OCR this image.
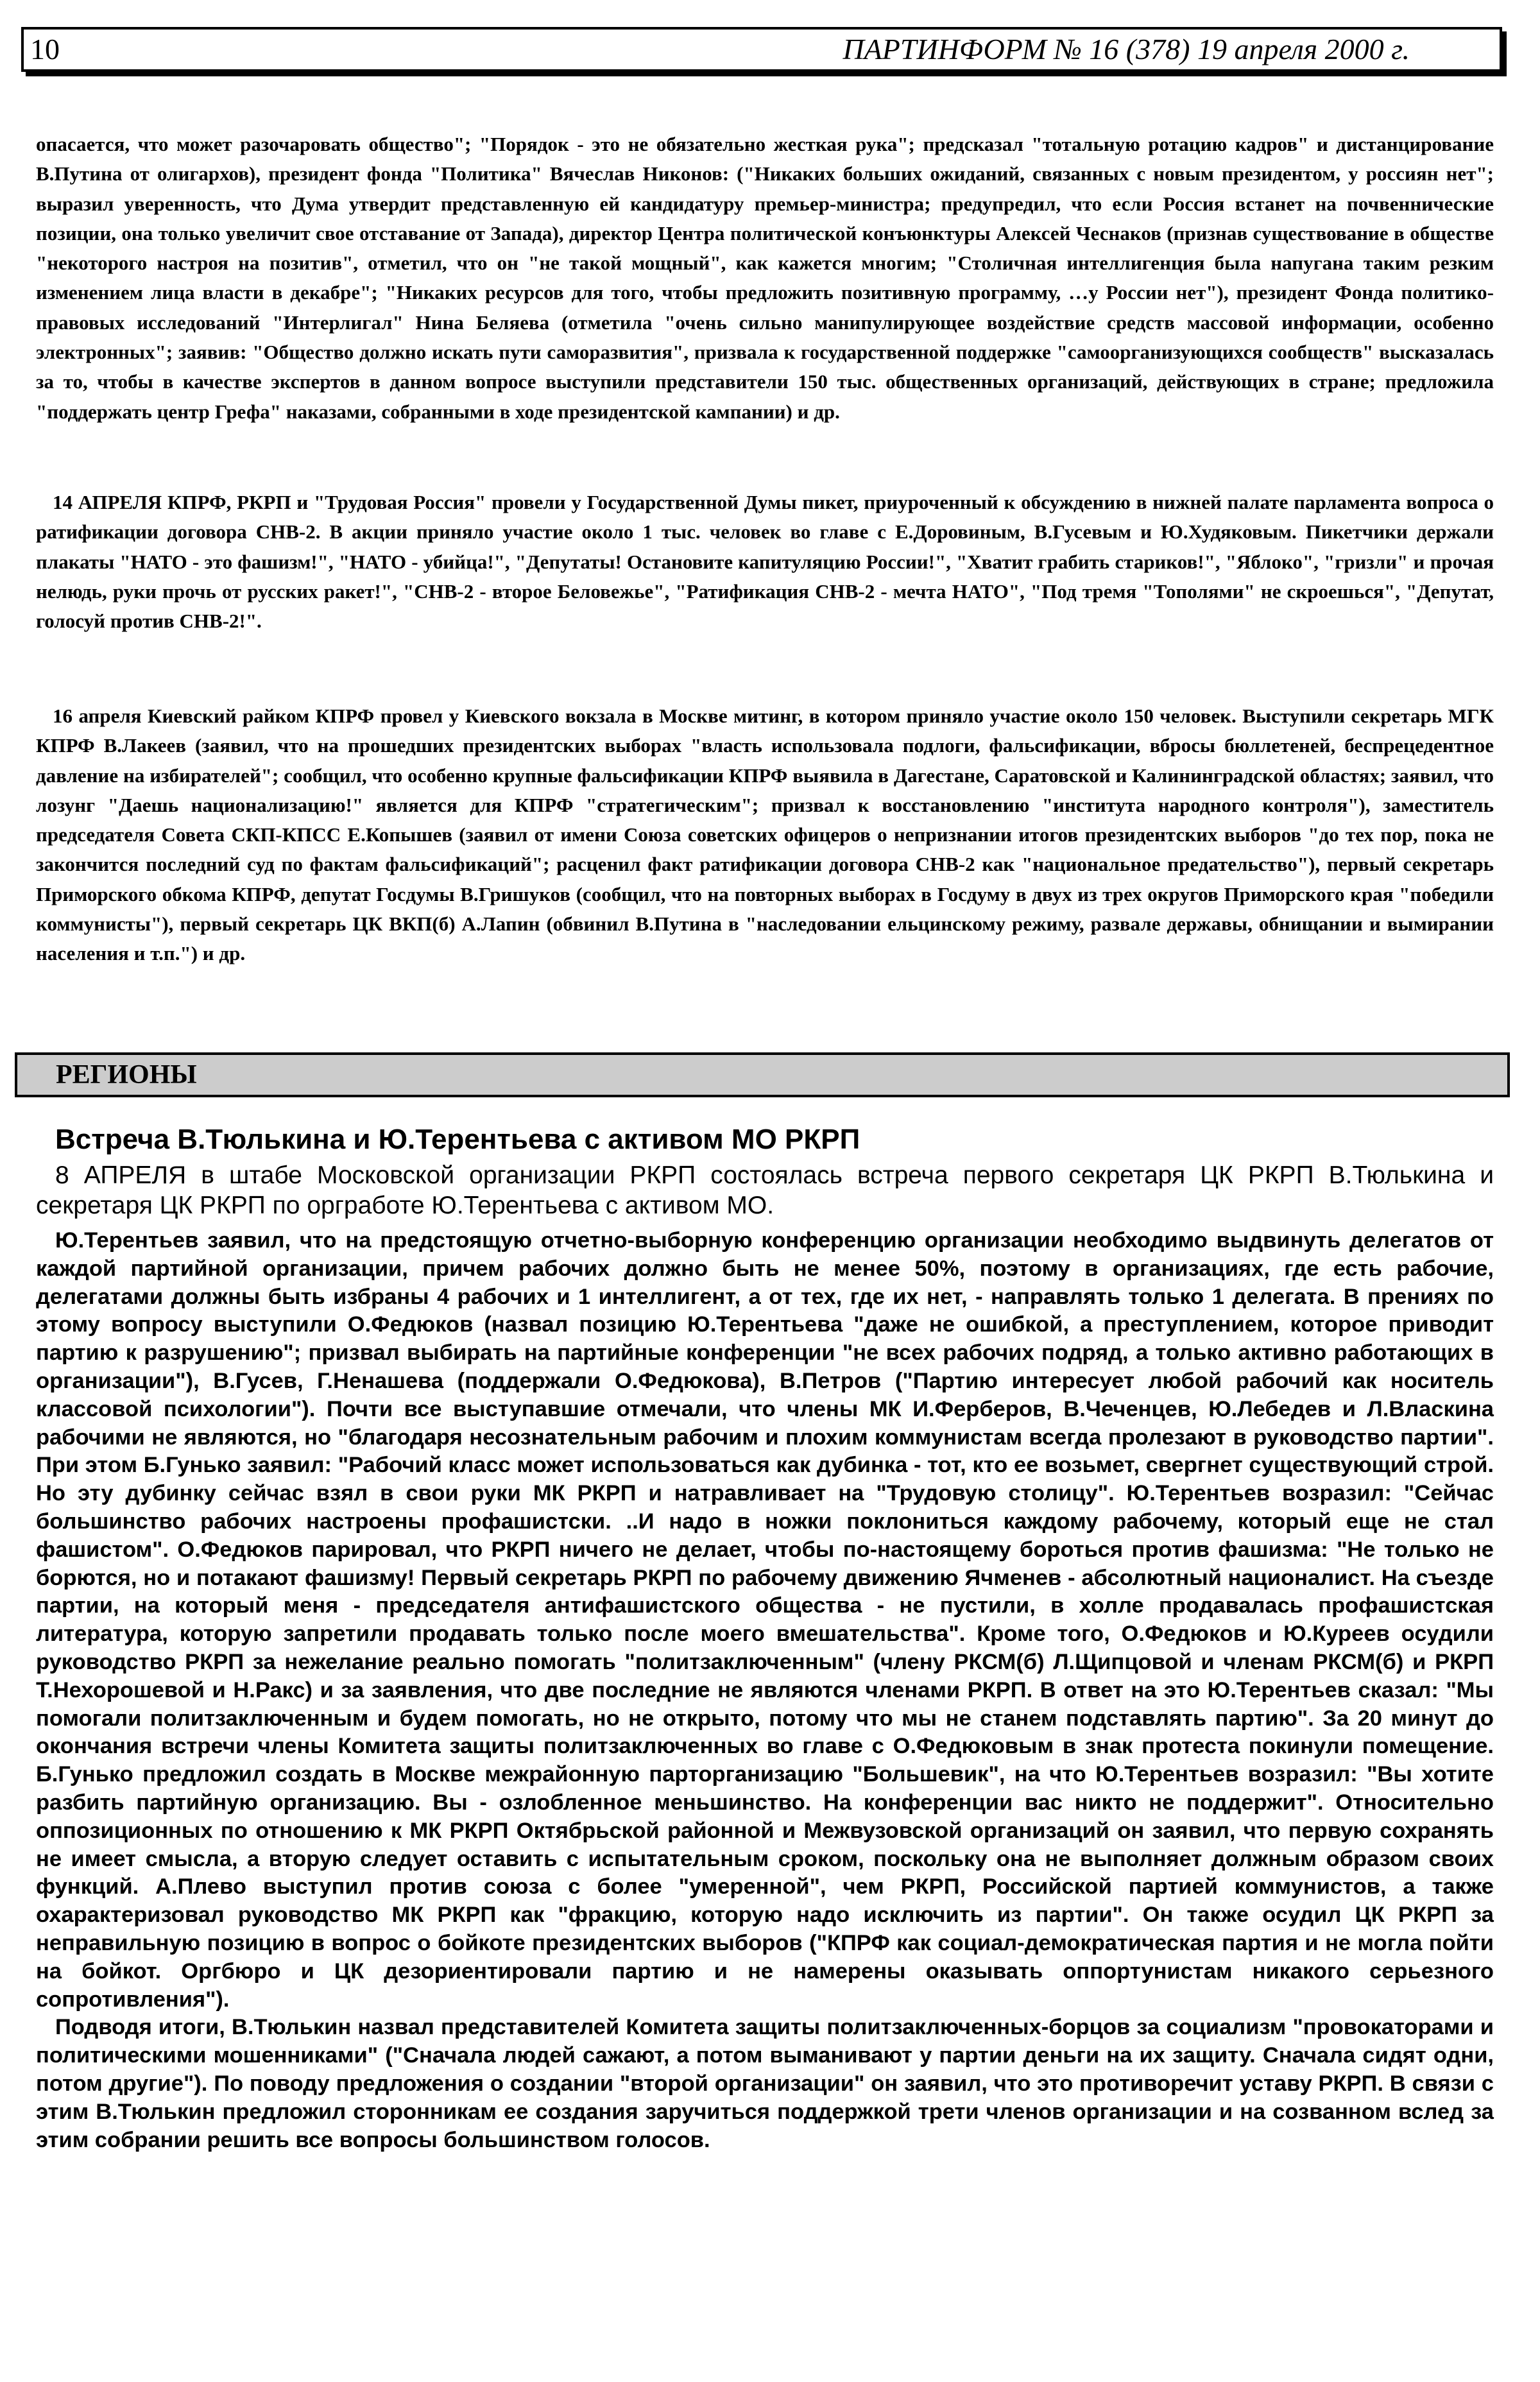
10	ПАРТИНФОРМ № 16 (378) 19 апреля 2000 г.

опасается, что может разочаровать общество"; "Порядок - это не обязательно жесткая рука"; предсказал "тотальную ротацию кадров" и дистанцирование В.Путина от олигархов), президент фонда "Политика" Вячеслав Никонов: ("Никаких больших ожиданий, связанных с новым президентом, у россиян нет"; выразил уверенность, что Дума утвердит представленную ей кандидатуру премьер-министра; предупредил, что если Россия встанет на почвеннические позиции, она только увеличит свое отставание от Запада), директор Центра политической конъюнктуры Алексей Чеснаков (признав существование в обществе "некоторого настроя на позитив", отметил, что он "не такой мощный", как кажется многим; "Столичная интеллигенция была напугана таким резким изменением лица власти в декабре"; "Никаких ресурсов для того, чтобы предложить позитивную программу, …у России нет"), президент Фонда политико-правовых исследований "Интерлигал" Нина Беляева (отметила "очень сильно манипулирующее воздействие средств массовой информации, особенно электронных"; заявив: "Общество должно искать пути саморазвития", призвала к государственной поддержке "самоорганизующихся сообществ" высказалась за то, чтобы в качестве экспертов в данном вопросе выступили представители 150 тыс. общественных организаций, действующих в стране; предложила "поддержать центр Грефа" наказами, собранными в ходе президентской кампании) и др.

14 АПРЕЛЯ КПРФ, РКРП и "Трудовая Россия" провели у Государственной Думы пикет, приуроченный к обсуждению в нижней палате парламента вопроса о ратификации договора СНВ-2. В акции приняло участие около 1 тыс. человек во главе с Е.Доровиным, В.Гусевым и Ю.Худяковым. Пикетчики держали плакаты "НАТО - это фашизм!", "НАТО - убийца!", "Депутаты! Остановите капитуляцию России!", "Хватит грабить стариков!", "Яблоко", "гризли" и прочая нелюдь, руки прочь от русских ракет!", "СНВ-2 - второе Беловежье", "Ратификация СНВ-2 - мечта НАТО", "Под тремя "Тополями" не скроешься", "Депутат, голосуй против СНВ-2!".

16 апреля Киевский райком КПРФ провел у Киевского вокзала в Москве митинг, в котором приняло участие около 150 человек. Выступили секретарь МГК КПРФ В.Лакеев (заявил, что на прошедших президентских выборах "власть использовала подлоги, фальсификации, вбросы бюллетеней, беспрецедентное давление на избирателей"; сообщил, что особенно крупные фальсификации КПРФ выявила в Дагестане, Саратовской и Калининградской областях; заявил, что лозунг "Даешь национализацию!" является для КПРФ "стратегическим"; призвал к восстановлению "института народного контроля"), заместитель председателя Совета СКП-КПСС Е.Копышев (заявил от имени Союза советских офицеров о непризнании итогов президентских выборов "до тех пор, пока не закончится последний суд по фактам фальсификаций"; расценил факт ратификации договора СНВ-2 как "национальное предательство"), первый секретарь Приморского обкома КПРФ, депутат Госдумы В.Гришуков (сообщил, что на повторных выборах в Госдуму в двух из трех округов Приморского края "победили коммунисты"), первый секретарь ЦК ВКП(б) А.Лапин (обвинил В.Путина в "наследовании ельцинскому режиму, развале державы, обнищании и вымирании населения и т.п.") и др.

РЕГИОНЫ
Встреча В.Тюлькина и Ю.Терентьева с активом МО РКРП

8 АПРЕЛЯ в штабе Московской организации РКРП состоялась встреча первого секретаря ЦК РКРП В.Тюлькина и секретаря ЦК РКРП по оргработе Ю.Терентьева с активом МО.

Ю.Терентьев заявил, что на предстоящую отчетно-выборную конференцию организации необходимо выдвинуть делегатов от каждой партийной организации, причем рабочих должно быть не менее 50%, поэтому в организациях, где есть рабочие, делегатами должны быть избраны 4 рабочих и 1 интеллигент, а от тех, где их нет, - направлять только 1 делегата. В прениях по этому вопросу выступили О.Федюков (назвал позицию Ю.Терентьева "даже не ошибкой, а преступлением, которое приводит партию к разрушению"; призвал выбирать на партийные конференции "не всех рабочих подряд, а только активно работающих в организации"), В.Гусев, Г.Ненашева (поддержали О.Федюкова), В.Петров ("Партию интересует любой рабочий как носитель классовой психологии"). Почти все выступавшие отмечали, что члены МК И.Ферберов, В.Чеченцев, Ю.Лебедев и Л.Власкина рабочими не являются, но "благодаря несознательным рабочим и плохим коммунистам всегда пролезают в руководство партии". При этом Б.Гунько заявил: "Рабочий класс может использоваться как дубинка - тот, кто ее возьмет, свергнет существующий строй. Но эту дубинку сейчас взял в свои руки МК РКРП и натравливает на "Трудовую столицу". Ю.Терентьев возразил: "Сейчас большинство рабочих настроены профашистски. ..И надо в ножки поклониться каждому рабочему, который еще не стал фашистом". О.Федюков парировал, что РКРП ничего не делает, чтобы по-настоящему бороться против фашизма: "Не только не борются, но и потакают фашизму! Первый секретарь РКРП по рабочему движению Ячменев - абсолютный националист. На съезде партии, на который меня - председателя антифашистского общества - не пустили, в холле продавалась профашистская литература, которую запретили продавать только после моего вмешательства". Кроме того, О.Федюков и Ю.Куреев осудили руководство РКРП за нежелание реально помогать "политзаключенным" (члену РКСМ(б) Л.Щипцовой и членам РКСМ(б) и РКРП Т.Нехорошевой и Н.Ракс) и за заявления, что две последние не являются членами РКРП. В ответ на это Ю.Терентьев сказал: "Мы помогали политзаключенным и будем помогать, но не открыто, потому что мы не станем подставлять партию". За 20 минут до окончания встречи члены Комитета защиты политзаключенных во главе с О.Федюковым в знак протеста покинули помещение. Б.Гунько предложил создать в Москве межрайонную парторганизацию "Большевик", на что Ю.Терентьев возразил: "Вы хотите разбить партийную организацию. Вы - озлобленное меньшинство. На конференции вас никто не поддержит". Относительно оппозиционных по отношению к МК РКРП Октябрьской районной и Межвузовской организаций он заявил, что первую сохранять не имеет смысла, а вторую следует оставить с испытательным сроком, поскольку она не выполняет должным образом своих функций. А.Плево выступил против союза с более "умеренной", чем РКРП, Российской партией коммунистов, а также охарактеризовал руководство МК РКРП как "фракцию, которую надо исключить из партии". Он также осудил ЦК РКРП за неправильную позицию в вопрос о бойкоте президентских выборов ("КПРФ как социал-демократическая партия и не могла пойти на бойкот. Оргбюро и ЦК дезориентировали партию и не намерены оказывать оппортунистам никакого серьезного сопротивления").

Подводя итоги, В.Тюлькин назвал представителей Комитета защиты политзаключенных-борцов за социализм "провокаторами и политическими мошенниками" ("Сначала людей сажают, а потом выманивают у партии деньги на их защиту. Сначала сидят одни, потом другие"). По поводу предложения о создании "второй организации" он заявил, что это противоречит уставу РКРП. В связи с этим В.Тюлькин предложил сторонникам ее создания заручиться поддержкой трети членов организации и на созванном вслед за этим собрании решить все вопросы большинством голосов.
